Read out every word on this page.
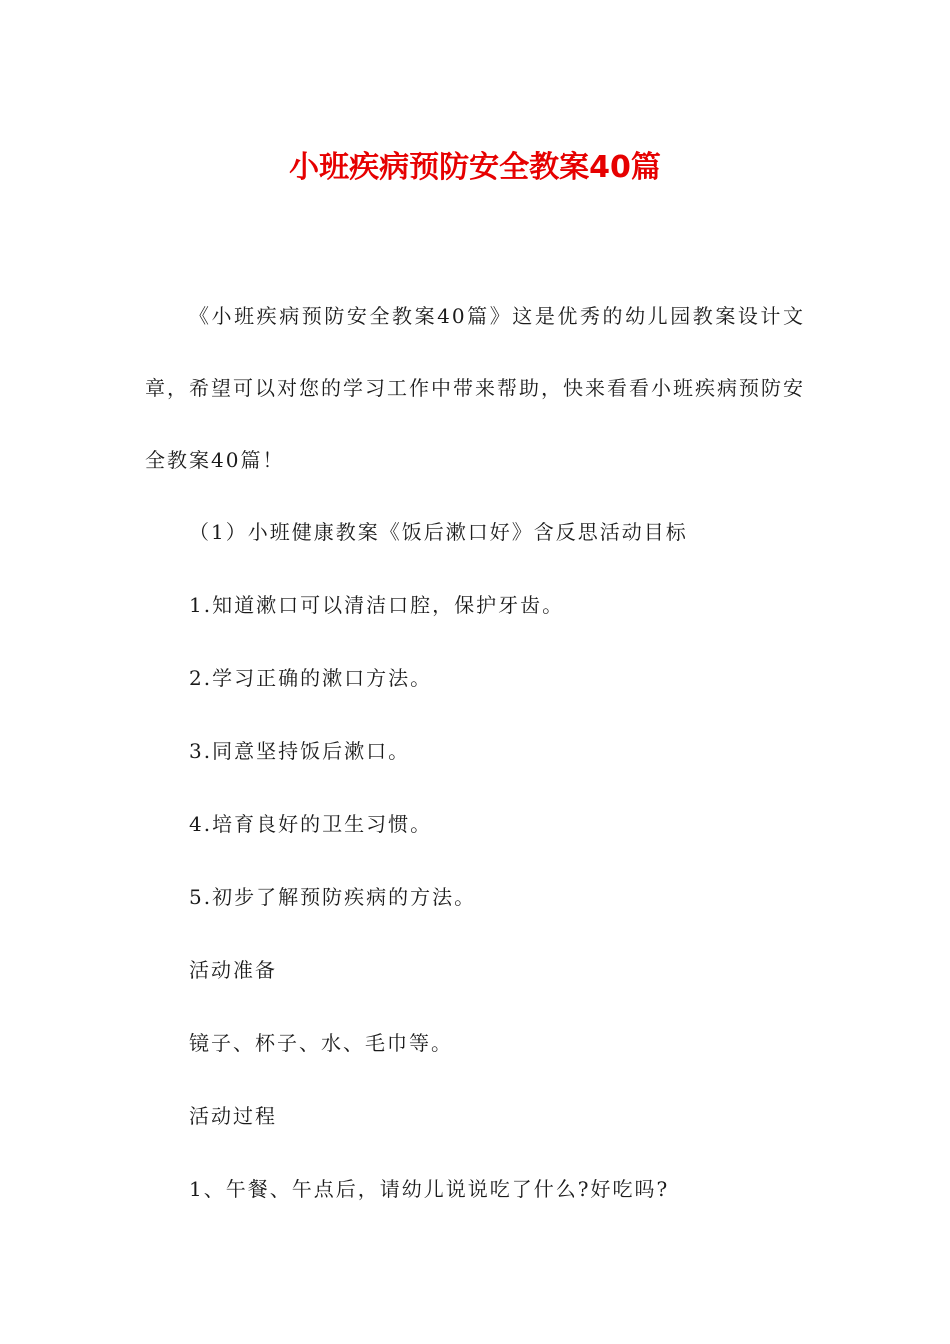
小班疾病预防安全教案40篇

《小班疾病预防安全教案40篇》这是优秀的幼儿园教案设计文章，希望可以对您的学习工作中带来帮助，快来看看小班疾病预防安全教案40篇！

（1）小班健康教案《饭后漱口好》含反思活动目标

1.知道漱口可以清洁口腔，保护牙齿。

2.学习正确的漱口方法。

3.同意坚持饭后漱口。

4.培育良好的卫生习惯。

5.初步了解预防疾病的方法。

活动准备

镜子、杯子、水、毛巾等。

活动过程

1、午餐、午点后，请幼儿说说吃了什么?好吃吗?
